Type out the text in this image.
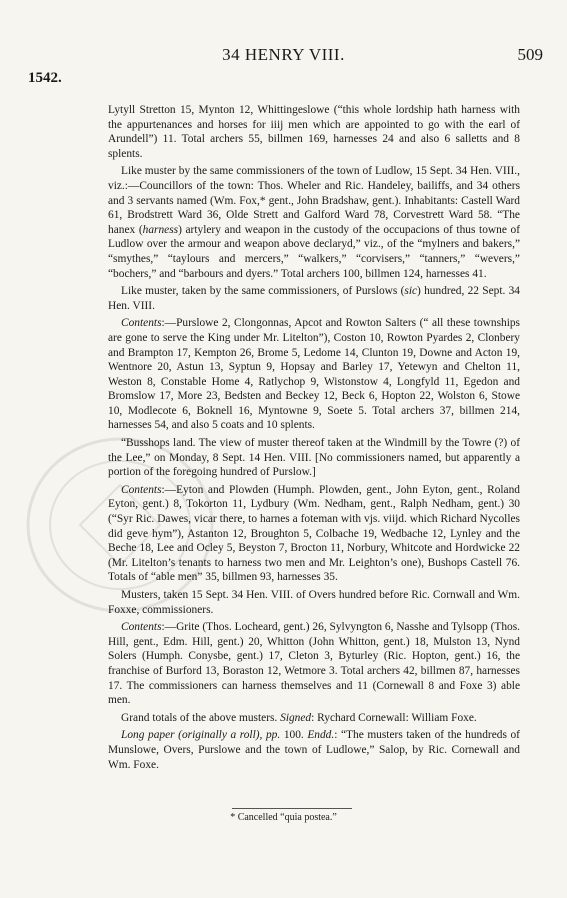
34 HENRY VIII.	509
1542.

Lytyll Stretton 15, Mynton 12, Whittingeslowe (“this whole lordship hath harness with the appurtenances and horses for iiij men which are appointed to go with the earl of Arundell”) 11. Total archers 55, billmen 169, harnesses 24 and also 6 salletts and 8 splents.

Like muster by the same commissioners of the town of Ludlow, 15 Sept. 34 Hen. VIII., viz.:—Councillors of the town: Thos. Wheler and Ric. Handeley, bailiffs, and 34 others and 3 servants named (Wm. Fox,* gent., John Bradshaw, gent.). Inhabitants: Castell Ward 61, Brodstrett Ward 36, Olde Strett and Galford Ward 78, Corvestrett Ward 58. “The hanex (harness) artylery and weapon in the custody of the occupacions of thus towne of Ludlow over the armour and weapon above declaryd,” viz., of the “mylners and bakers,” “smythes,” “taylours and mercers,” “walkers,” “corvisers,” “tanners,” “wevers,” “bochers,” and “barbours and dyers.” Total archers 100, billmen 124, harnesses 41.

Like muster, taken by the same commissioners, of Purslows (sic) hundred, 22 Sept. 34 Hen. VIII.

Contents:—Purslowe 2, Clongonnas, Apcot and Rowton Salters (“ all these townships are gone to serve the King under Mr. Litelton”), Coston 10, Rowton Pyardes 2, Clonbery and Brampton 17, Kempton 26, Brome 5, Ledome 14, Clunton 19, Downe and Acton 19, Wentnore 20, Astun 13, Syptun 9, Hopsay and Barley 17, Yetewyn and Chelton 11, Weston 8, Constable Home 4, Ratlychop 9, Wistonstow 4, Longfyld 11, Egedon and Bromslow 17, More 23, Bedsten and Beckey 12, Beck 6, Hopton 22, Wolston 6, Stowe 10, Modlecote 6, Boknell 16, Myntowne 9, Soete 5. Total archers 37, billmen 214, harnesses 54, and also 5 coats and 10 splents.

“Busshops land. The view of muster thereof taken at the Windmill by the Towre (?) of the Lee,” on Monday, 8 Sept. 14 Hen. VIII. [No commissioners named, but apparently a portion of the foregoing hundred of Purslow.]

Contents:—Eyton and Plowden (Humph. Plowden, gent., John Eyton, gent., Roland Eyton, gent.) 8, Tokorton 11, Lydbury (Wm. Nedham, gent., Ralph Nedham, gent.) 30 (“Syr Ric. Dawes, vicar there, to harnes a foteman with vjs. viijd. which Richard Nycolles did geve hym”), Astanton 12, Broughton 5, Colbache 19, Wedbache 12, Lynley and the Beche 18, Lee and Ocley 5, Beyston 7, Brocton 11, Norbury, Whitcote and Hordwicke 22 (Mr. Litelton’s tenants to harness two men and Mr. Leighton’s one), Bushops Castell 76. Totals of “able men” 35, billmen 93, harnesses 35.

Musters, taken 15 Sept. 34 Hen. VIII. of Overs hundred before Ric. Cornwall and Wm. Foxxe, commissioners.

Contents:—Grite (Thos. Locheard, gent.) 26, Sylvyngton 6, Nasshe and Tylsopp (Thos. Hill, gent., Edm. Hill, gent.) 20, Whitton (John Whitton, gent.) 18, Mulston 13, Nynd Solers (Humph. Conysbe, gent.) 17, Cleton 3, Byturley (Ric. Hopton, gent.) 16, the franchise of Burford 13, Boraston 12, Wetmore 3. Total archers 42, billmen 87, harnesses 17. The commissioners can harness themselves and 11 (Cornewall 8 and Foxe 3) able men.

Grand totals of the above musters. Signed: Rychard Cornewall: William Foxe.

Long paper (originally a roll), pp. 100. Endd.: “The musters taken of the hundreds of Munslowe, Overs, Purslowe and the town of Ludlowe,” Salop, by Ric. Cornewall and Wm. Foxe.

* Cancelled “quia postea.”
